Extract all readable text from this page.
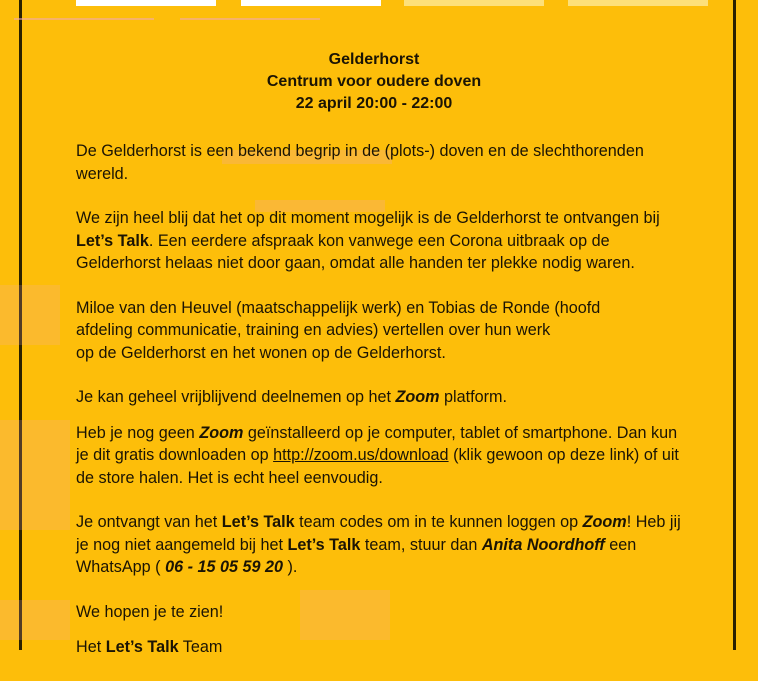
Gelderhorst
Centrum voor oudere doven
22 april 20:00 - 22:00

De Gelderhorst is een bekend begrip in de (plots-) doven en de slechthorenden wereld.

We zijn heel blij dat het op dit moment mogelijk is de Gelderhorst te ontvangen bij Let’s Talk. Een eerdere afspraak kon vanwege een Corona uitbraak op de Gelderhorst helaas niet door gaan, omdat alle handen ter plekke nodig waren.

Miloe van den Heuvel (maatschappelijk werk) en Tobias de Ronde (hoofd
afdeling communicatie, training en advies) vertellen over hun werk
op de Gelderhorst en het wonen op de Gelderhorst.

Je kan geheel vrijblijvend deelnemen op het Zoom platform.

Heb je nog geen Zoom geïnstalleerd op je computer, tablet of smartphone. Dan kun je dit gratis downloaden op http://zoom.us/download (klik gewoon op deze link) of uit de store halen. Het is echt heel eenvoudig.

Je ontvangt van het Let’s Talk team codes om in te kunnen loggen op Zoom! Heb jij je nog niet aangemeld bij het Let’s Talk team, stuur dan Anita Noordhoff een WhatsApp ( 06 - 15 05 59 20 ).

We hopen je te zien!

Het Let’s Talk Team
